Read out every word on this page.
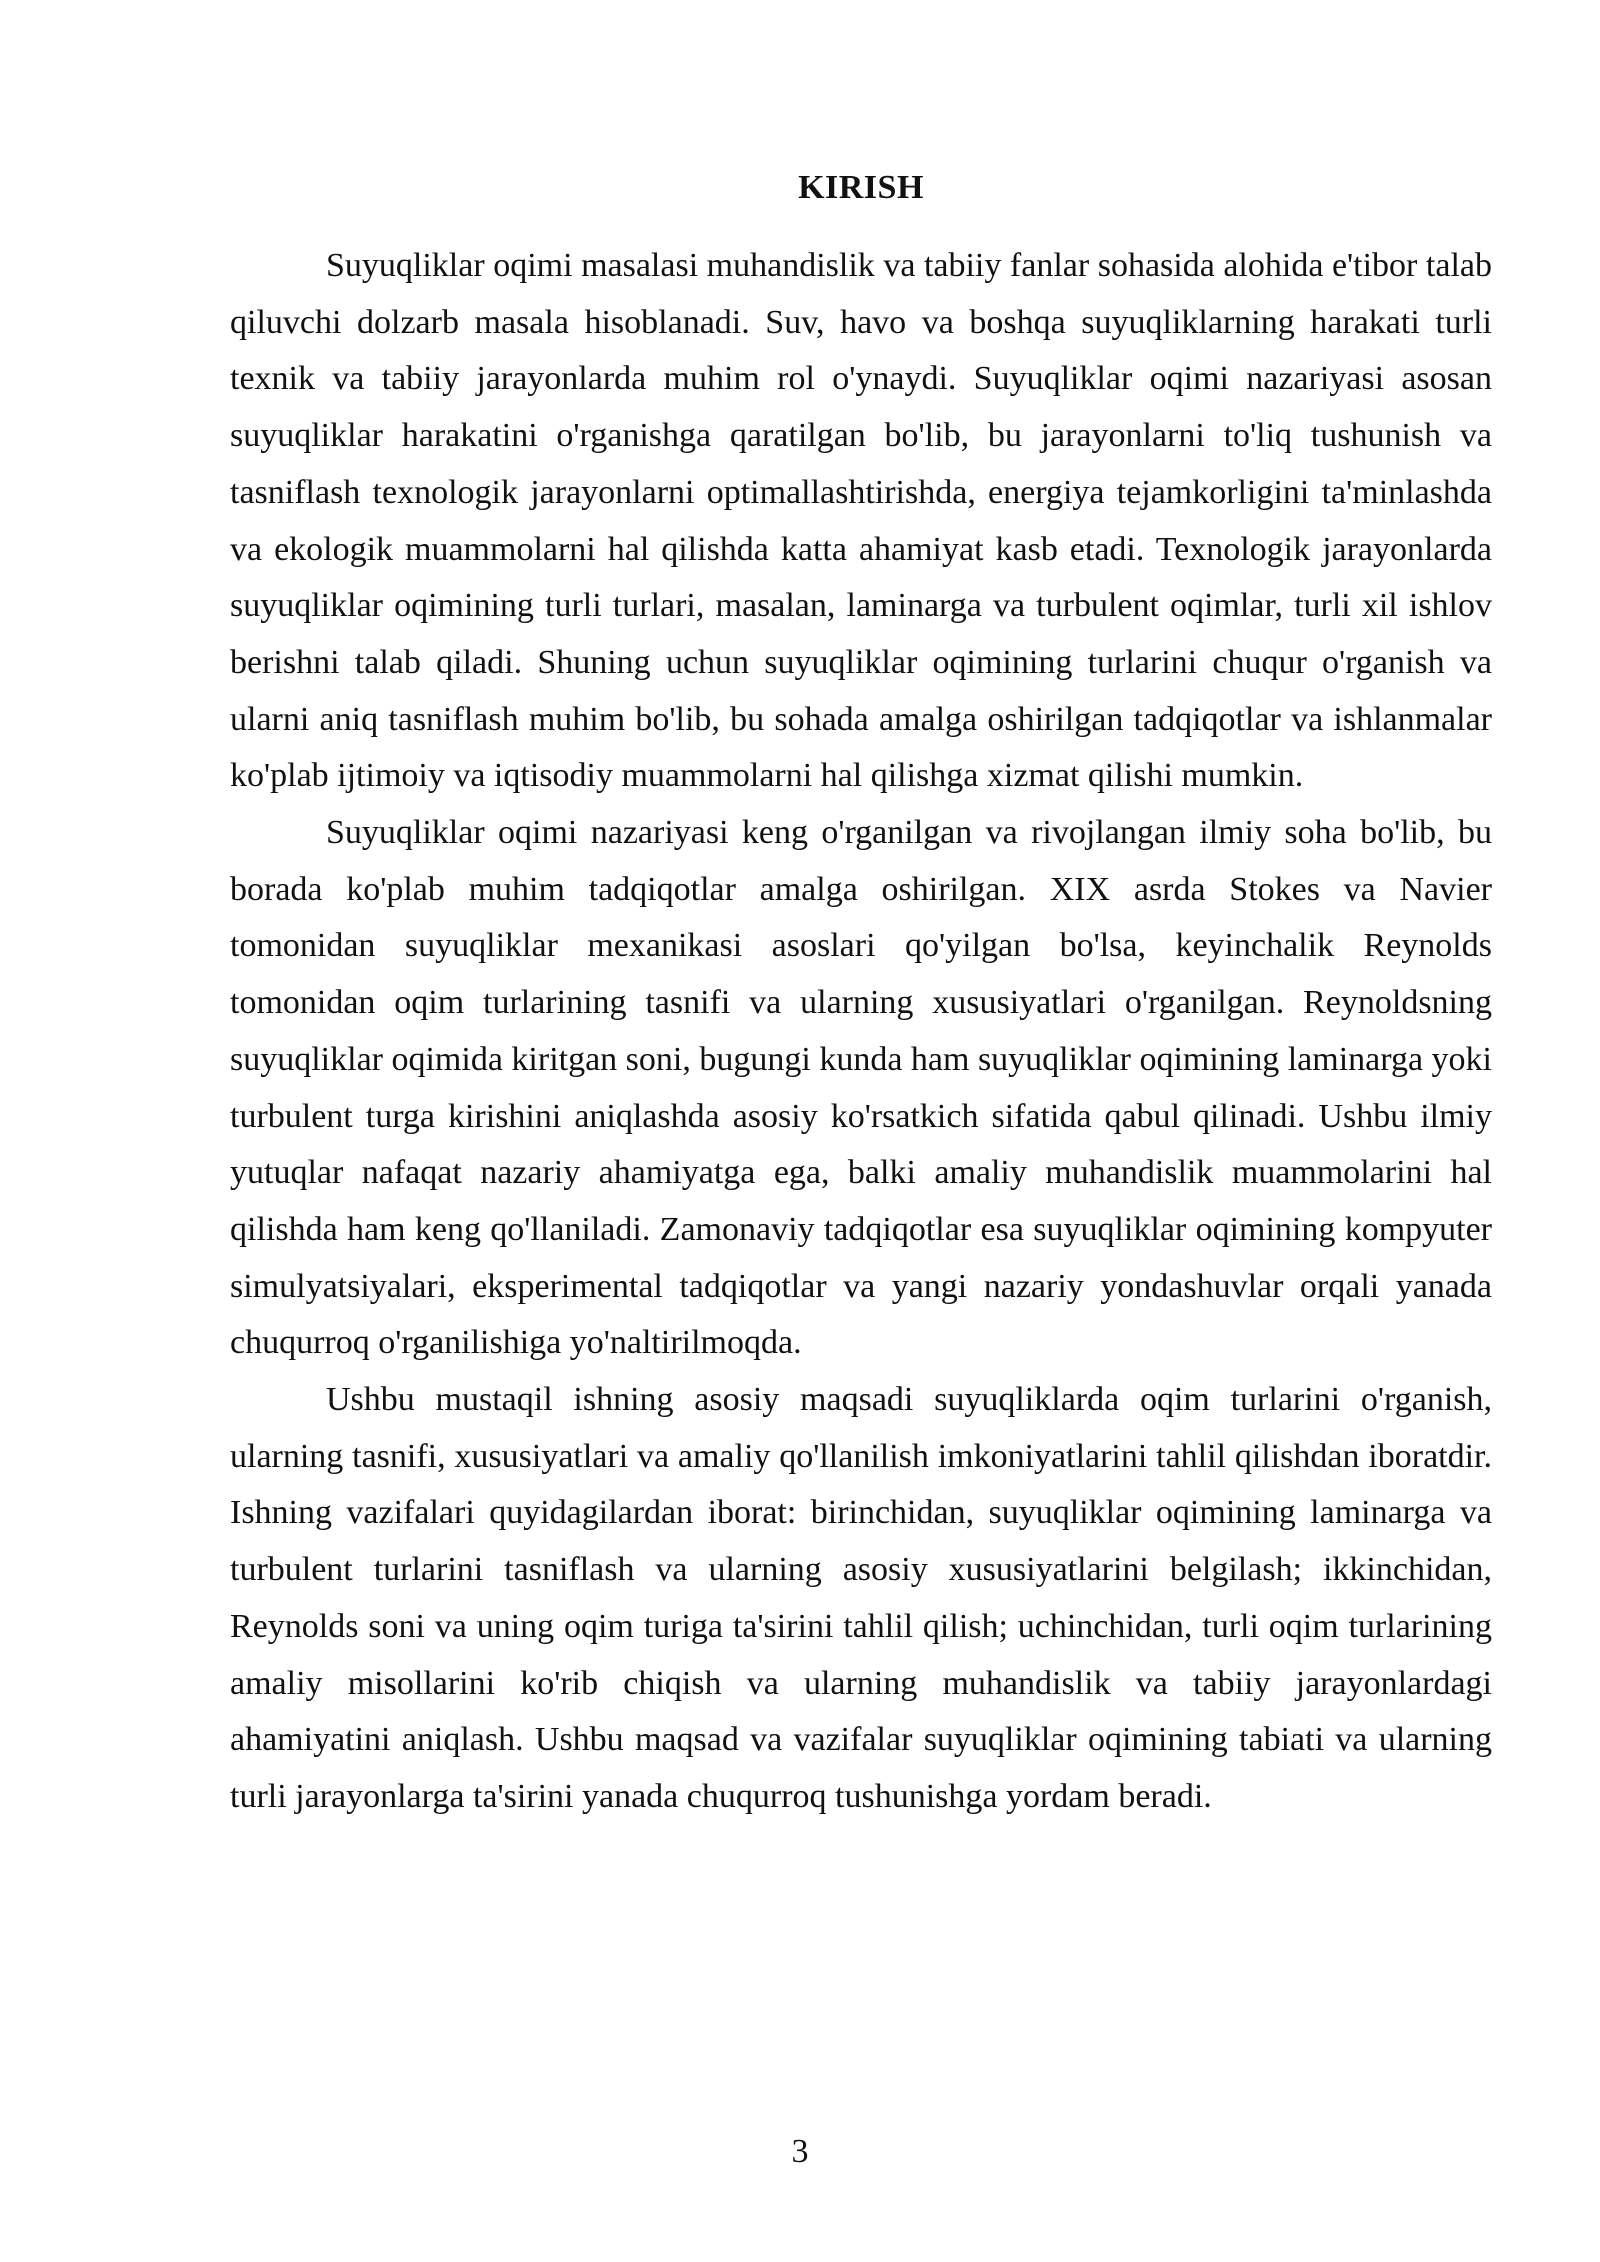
KIRISH

Suyuqliklar oqimi masalasi muhandislik va tabiiy fanlar sohasida alohida e'tibor talab qiluvchi dolzarb masala hisoblanadi. Suv, havo va boshqa suyuqliklarning harakati turli texnik va tabiiy jarayonlarda muhim rol o'ynaydi. Suyuqliklar oqimi nazariyasi asosan suyuqliklar harakatini o'rganishga qaratilgan bo'lib, bu jarayonlarni to'liq tushunish va tasniflash texnologik jarayonlarni optimallashtirishda, energiya tejamkorligini ta'minlashda va ekologik muammolarni hal qilishda katta ahamiyat kasb etadi. Texnologik jarayonlarda suyuqliklar oqimining turli turlari, masalan, laminarga va turbulent oqimlar, turli xil ishlov berishni talab qiladi. Shuning uchun suyuqliklar oqimining turlarini chuqur o'rganish va ularni aniq tasniflash muhim bo'lib, bu sohada amalga oshirilgan tadqiqotlar va ishlanmalar ko'plab ijtimoiy va iqtisodiy muammolarni hal qilishga xizmat qilishi mumkin.

Suyuqliklar oqimi nazariyasi keng o'rganilgan va rivojlangan ilmiy soha bo'lib, bu borada ko'plab muhim tadqiqotlar amalga oshirilgan. XIX asrda Stokes va Navier tomonidan suyuqliklar mexanikasi asoslari qo'yilgan bo'lsa, keyinchalik Reynolds tomonidan oqim turlarining tasnifi va ularning xususiyatlari o'rganilgan. Reynoldsning suyuqliklar oqimida kiritgan soni, bugungi kunda ham suyuqliklar oqimining laminarga yoki turbulent turga kirishini aniqlashda asosiy ko'rsatkich sifatida qabul qilinadi. Ushbu ilmiy yutuqlar nafaqat nazariy ahamiyatga ega, balki amaliy muhandislik muammolarini hal qilishda ham keng qo'llaniladi. Zamonaviy tadqiqotlar esa suyuqliklar oqimining kompyuter simulyatsiyalari, eksperimental tadqiqotlar va yangi nazariy yondashuvlar orqali yanada chuqurroq o'rganilishiga yo'naltirilmoqda.

Ushbu mustaqil ishning asosiy maqsadi suyuqliklarda oqim turlarini o'rganish, ularning tasnifi, xususiyatlari va amaliy qo'llanilish imkoniyatlarini tahlil qilishdan iboratdir. Ishning vazifalari quyidagilardan iborat: birinchidan, suyuqliklar oqimining laminarga va turbulent turlarini tasniflash va ularning asosiy xususiyatlarini belgilash; ikkinchidan, Reynolds soni va uning oqim turiga ta'sirini tahlil qilish; uchinchidan, turli oqim turlarining amaliy misollarini ko'rib chiqish va ularning muhandislik va tabiiy jarayonlardagi ahamiyatini aniqlash. Ushbu maqsad va vazifalar suyuqliklar oqimining tabiati va ularning turli jarayonlarga ta'sirini yanada chuqurroq tushunishga yordam beradi.

3
